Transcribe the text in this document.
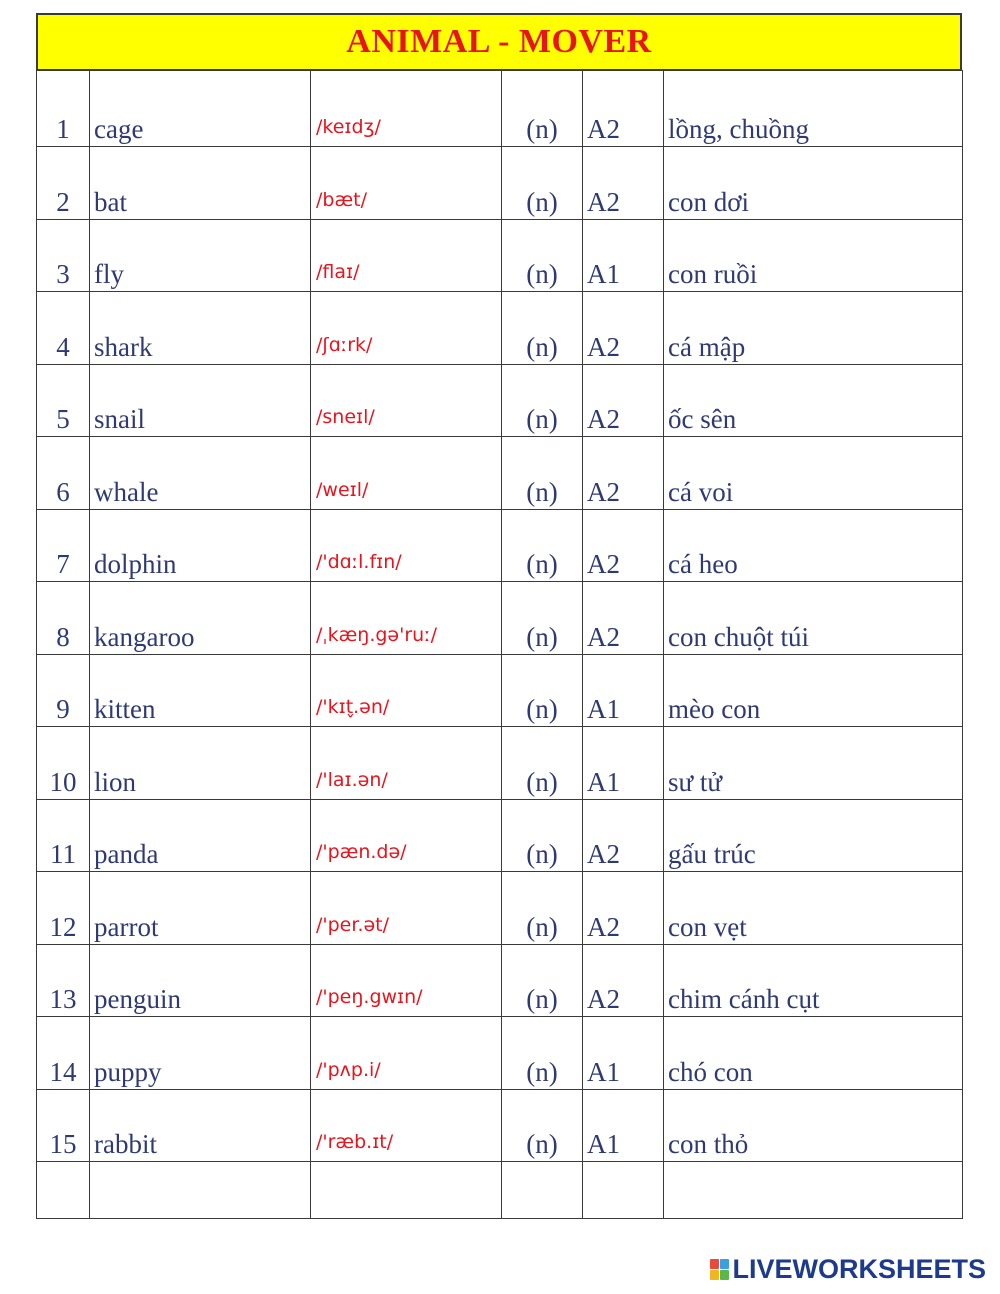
ANIMAL - MOVER
1	cage	/keɪdʒ/	(n)	A2	lồng, chuồng
2	bat	/bæt/	(n)	A2	con dơi
3	fly	/flaɪ/	(n)	A1	con ruồi
4	shark	/ʃɑːrk/	(n)	A2	cá mập
5	snail	/sneɪl/	(n)	A2	ốc sên
6	whale	/weɪl/	(n)	A2	cá voi
7	dolphin	/'dɑːl.fɪn/	(n)	A2	cá heo
8	kangaroo	/ˌkæŋ.gə'ruː/	(n)	A2	con chuột túi
9	kitten	/'kɪt̬.ən/	(n)	A1	mèo con
10	lion	/'laɪ.ən/	(n)	A1	sư tử
11	panda	/'pæn.də/	(n)	A2	gấu trúc
12	parrot	/'per.ət/	(n)	A2	con vẹt
13	penguin	/'peŋ.gwɪn/	(n)	A2	chim cánh cụt
14	puppy	/'pʌp.i/	(n)	A1	chó con
15	rabbit	/'ræb.ɪt/	(n)	A1	con thỏ

LIVEWORKSHEETS
